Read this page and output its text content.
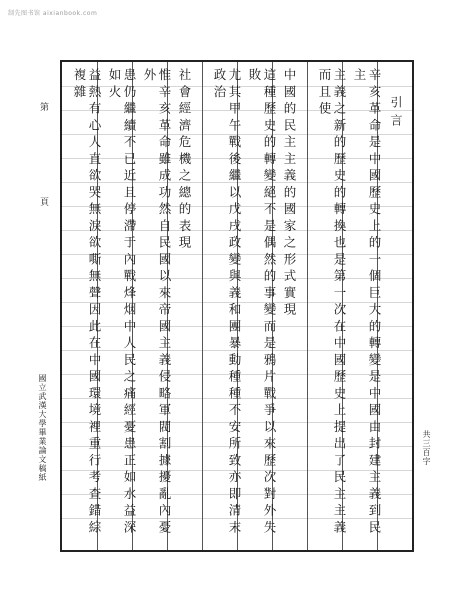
制先图书馆 aixianbook.com
第 頁
國立武漢大學畢業論文稿紙
引言
辛亥革命是中國歷史上的一個巨大的轉變是中國由封建主義到民主
主義之新的歷史的轉換也是第一次在中國歷史上提出了民主主義而且使
中國的民主主義的國家之形式實現
這種歷史的轉變絕不是偶然的事變而是鴉片戰爭以來歷次對外失敗
尤其甲午戰後繼以戊戌政變與義和團暴動種種不安所致亦即清末政治
社會經濟危機之總的表現
惟辛亥革命雖成功然自民國以來帝國主義侵略軍閥割據擾亂內憂外
患仍繼續不已近且停滯于內戰烽烟中人民之痛經憂患正如水益深如火
益熱有心人直欲哭無淚欲嘶無聲因此在中國環境裡重行考查錯綜複雜
共三百字
